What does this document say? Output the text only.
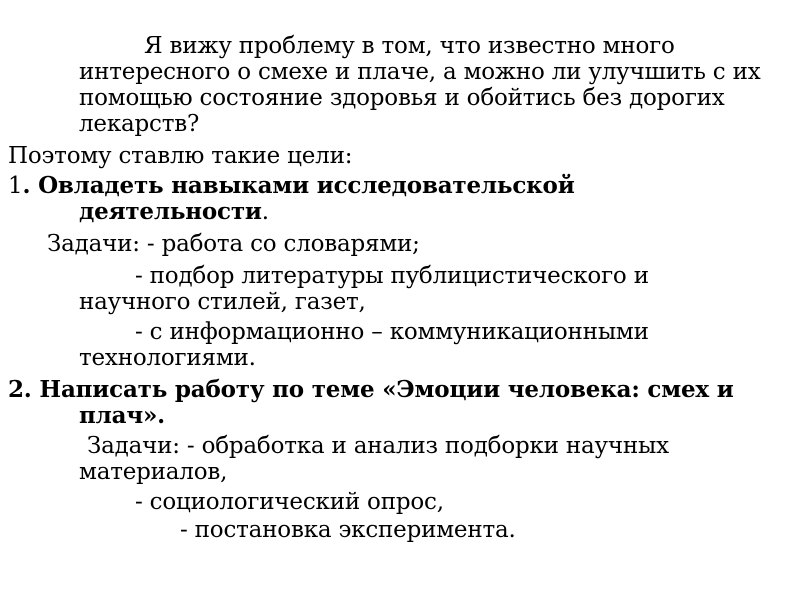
Я вижу проблему в том, что известно много
интересного о смехе и плаче, а можно ли улучшить с их
помощью состояние здоровья и обойтись без дорогих
лекарств?
Поэтому ставлю такие цели:
1. Овладеть навыками исследовательской
деятельности.
Задачи: - работа со словарями;
- подбор литературы публицистического и
научного стилей, газет,
- с информационно – коммуникационными
технологиями.
2. Написать работу по теме «Эмоции человека: смех и
плач».
Задачи: - обработка и анализ подборки научных
материалов,
- социологический опрос,
- постановка эксперимента.
